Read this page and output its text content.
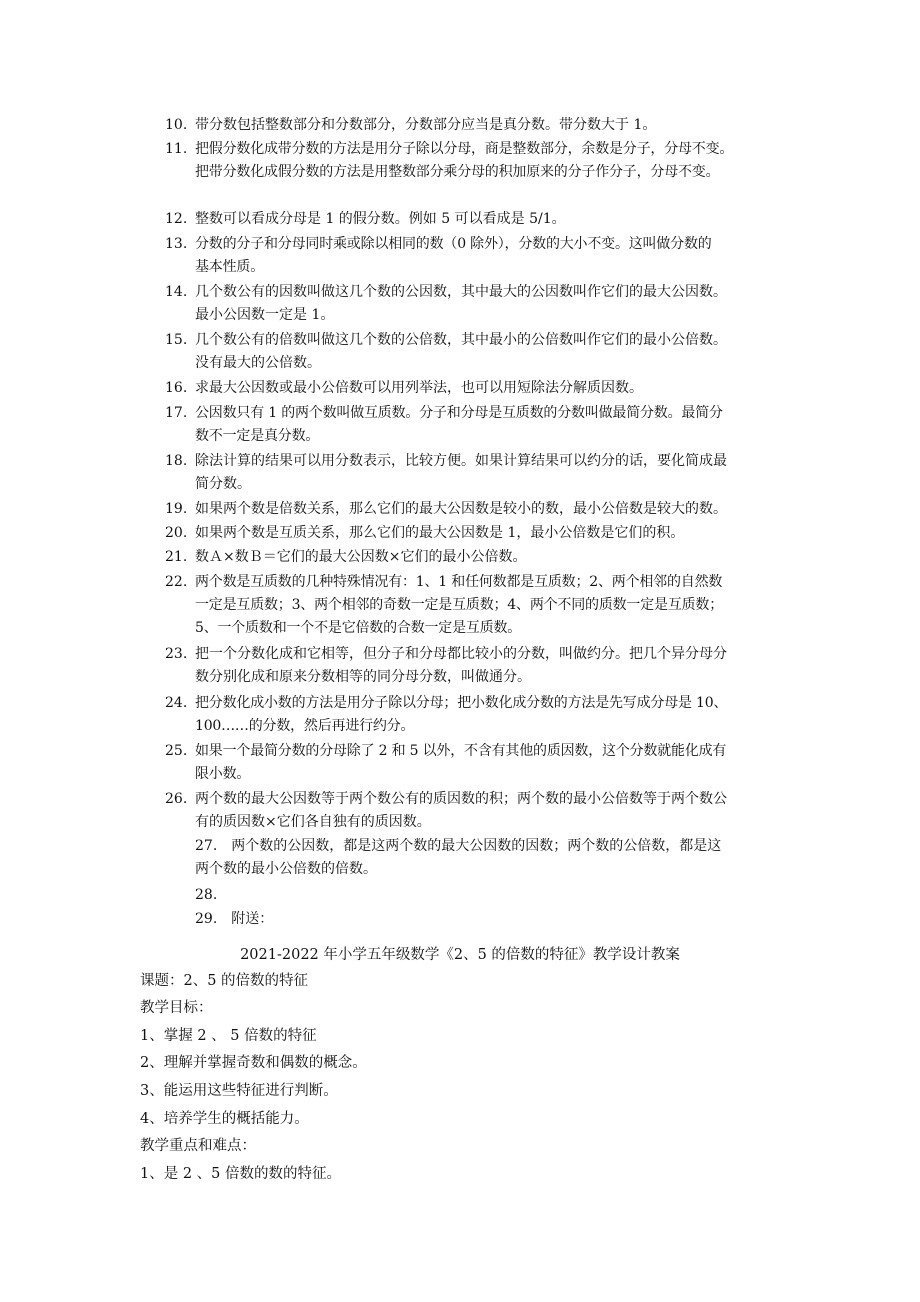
10. 带分数包括整数部分和分数部分，分数部分应当是真分数。带分数大于 1。
11. 把假分数化成带分数的方法是用分子除以分母，商是整数部分，余数是分子，分母不变。
把带分数化成假分数的方法是用整数部分乘分母的积加原来的分子作分子，分母不变。
12. 整数可以看成分母是 1 的假分数。例如 5 可以看成是 5/1。
13. 分数的分子和分母同时乘或除以相同的数（0 除外），分数的大小不变。这叫做分数的
基本性质。
14. 几个数公有的因数叫做这几个数的公因数，其中最大的公因数叫作它们的最大公因数。
最小公因数一定是 1。
15. 几个数公有的倍数叫做这几个数的公倍数，其中最小的公倍数叫作它们的最小公倍数。
没有最大的公倍数。
16. 求最大公因数或最小公倍数可以用列举法，也可以用短除法分解质因数。
17. 公因数只有 1 的两个数叫做互质数。分子和分母是互质数的分数叫做最简分数。最简分
数不一定是真分数。
18. 除法计算的结果可以用分数表示，比较方便。如果计算结果可以约分的话，要化简成最
简分数。
19. 如果两个数是倍数关系，那么它们的最大公因数是较小的数，最小公倍数是较大的数。
20. 如果两个数是互质关系，那么它们的最大公因数是 1，最小公倍数是它们的积。
21. 数Ａ×数Ｂ＝它们的最大公因数×它们的最小公倍数。
22. 两个数是互质数的几种特殊情况有：1、1 和任何数都是互质数；2、两个相邻的自然数
一定是互质数；3、两个相邻的奇数一定是互质数；4、两个不同的质数一定是互质数；
5、一个质数和一个不是它倍数的合数一定是互质数。
23. 把一个分数化成和它相等，但分子和分母都比较小的分数，叫做约分。把几个异分母分
数分别化成和原来分数相等的同分母分数，叫做通分。
24. 把分数化成小数的方法是用分子除以分母；把小数化成分数的方法是先写成分母是 10、
100……的分数，然后再进行约分。
25. 如果一个最简分数的分母除了 2 和 5 以外，不含有其他的质因数，这个分数就能化成有
限小数。
26. 两个数的最大公因数等于两个数公有的质因数的积；两个数的最小公倍数等于两个数公
有的质因数×它们各自独有的质因数。
27. 两个数的公因数，都是这两个数的最大公因数的因数；两个数的公倍数，都是这
两个数的最小公倍数的倍数。
28.
29. 附送：
2021-2022 年小学五年级数学《2、5 的倍数的特征》教学设计教案
课题：2、5 的倍数的特征
教学目标：
1、掌握 2 、 5 倍数的特征
2、理解并掌握奇数和偶数的概念。
3、能运用这些特征进行判断。
4、培养学生的概括能力。
教学重点和难点：
1、是 2 、5 倍数的数的特征。
